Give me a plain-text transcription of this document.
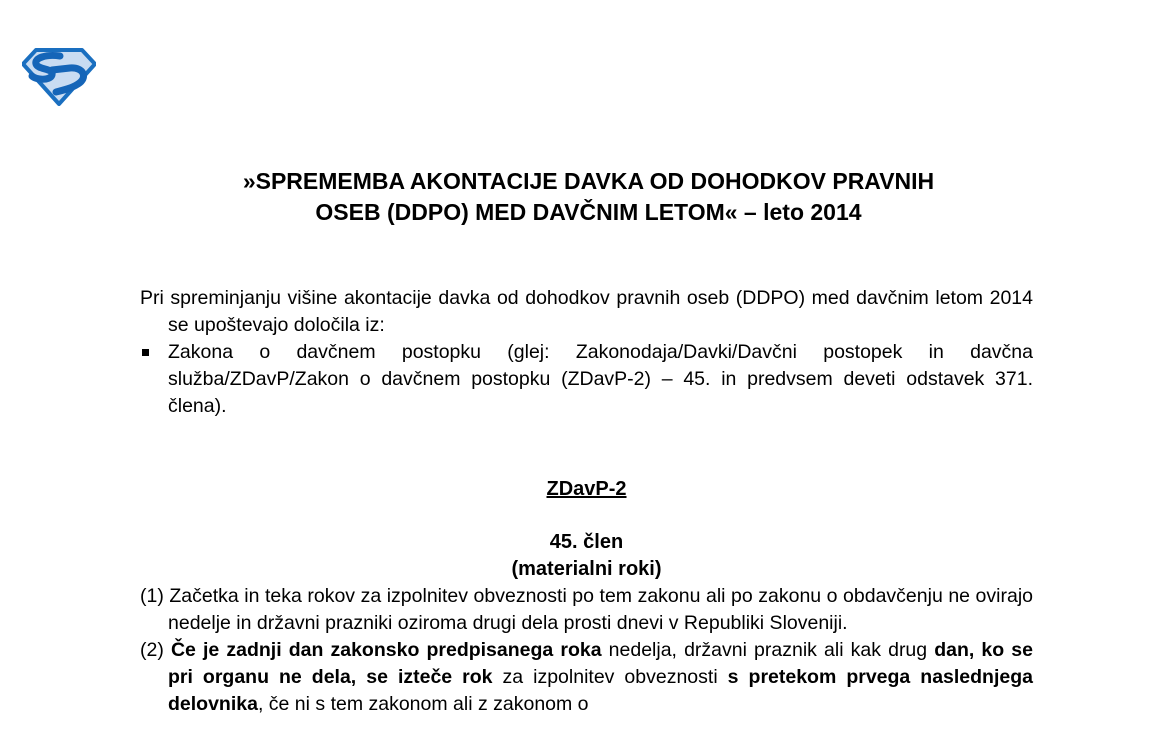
»SPREMEMBA AKONTACIJE DAVKA OD DOHODKOV PRAVNIH
OSEB (DDPO) MED DAVČNIM LETOM« – leto 2014

Pri spreminjanju višine akontacije davka od dohodkov pravnih oseb (DDPO) med davčnim letom 2014 se upoštevajo določila iz:

Zakona o davčnem postopku (glej: Zakonodaja/Davki/Davčni postopek in davčna služba/ZDavP/Zakon o davčnem postopku (ZDavP-2) – 45. in predvsem deveti odstavek 371. člena).
ZDavP-2
45. člen
(materialni roki)

(1) Začetka in teka rokov za izpolnitev obveznosti po tem zakonu ali po zakonu o obdavčenju ne ovirajo nedelje in državni prazniki oziroma drugi dela prosti dnevi v Republiki Sloveniji.

(2) Če je zadnji dan zakonsko predpisanega roka nedelja, državni praznik ali kak drug dan, ko se pri organu ne dela, se izteče rok za izpolnitev obveznosti s pretekom prvega naslednjega delovnika, če ni s tem zakonom ali z zakonom o
